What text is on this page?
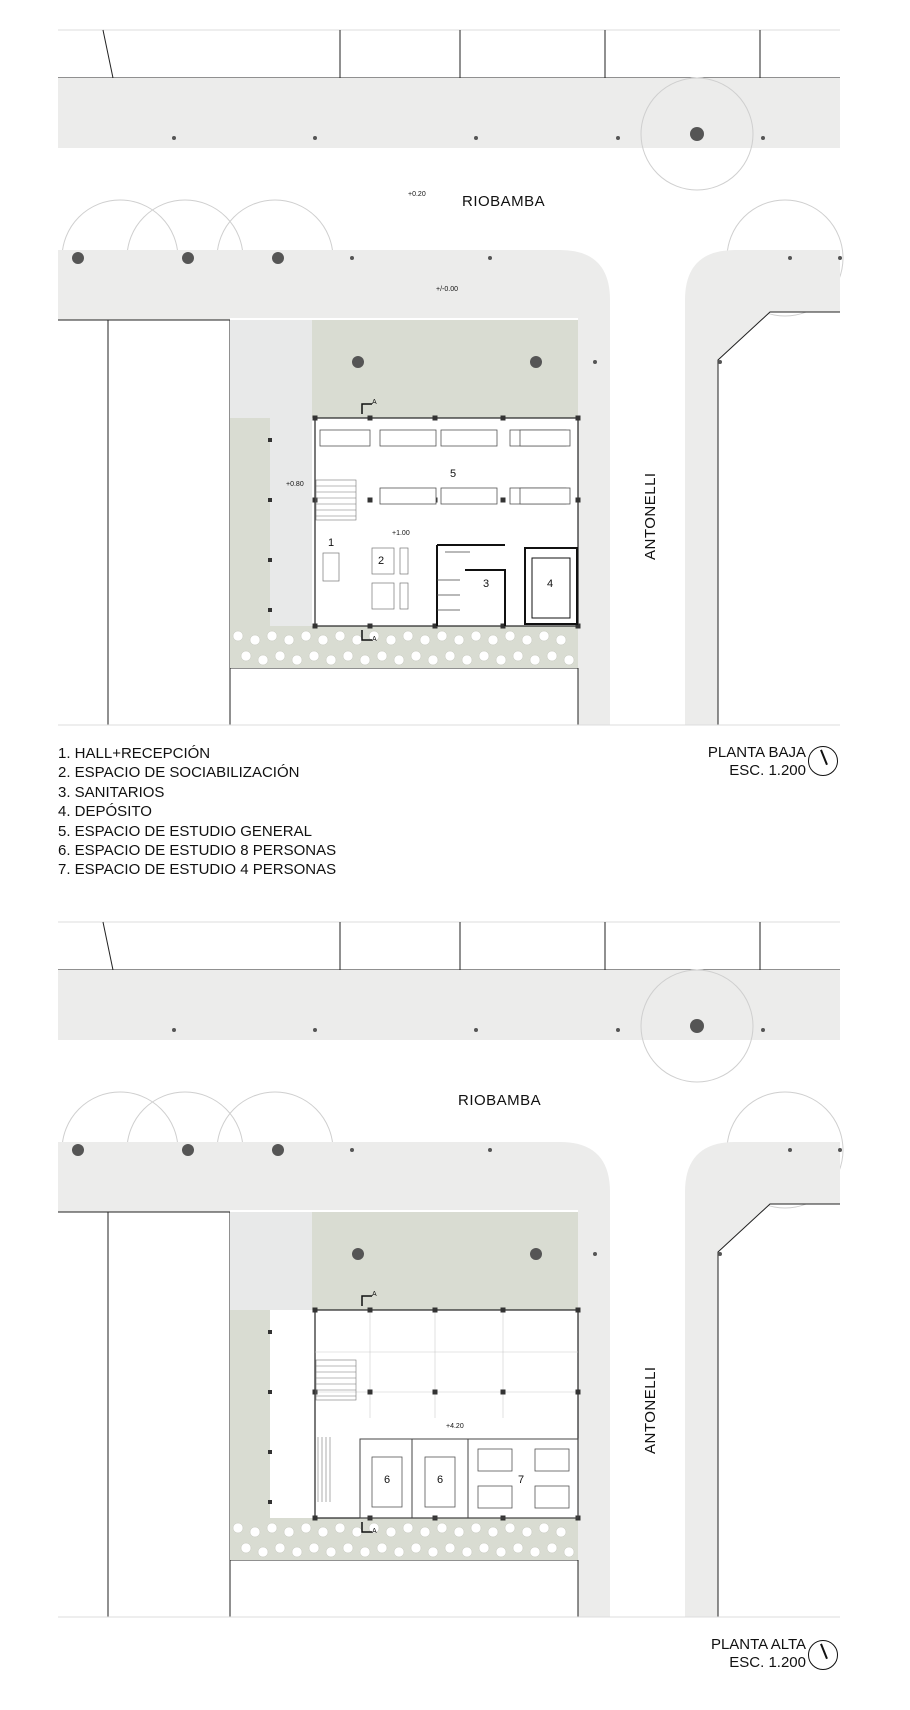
RIOBAMBA
ANTONELLI
1
2
3	4
5
+0.20
+/-0.00
+0.80
+1.00
A
A
1. HALL+RECEPCIÓN
2. ESPACIO DE SOCIABILIZACIÓN
3. SANITARIOS
4. DEPÓSITO
5. ESPACIO DE ESTUDIO GENERAL
6. ESPACIO DE ESTUDIO 8 PERSONAS
7. ESPACIO DE ESTUDIO 4 PERSONAS
PLANTA BAJA
ESC. 1.200
RIOBAMBA
ANTONELLI
6	6	7
+4.20
A
A
PLANTA ALTA
ESC. 1.200
